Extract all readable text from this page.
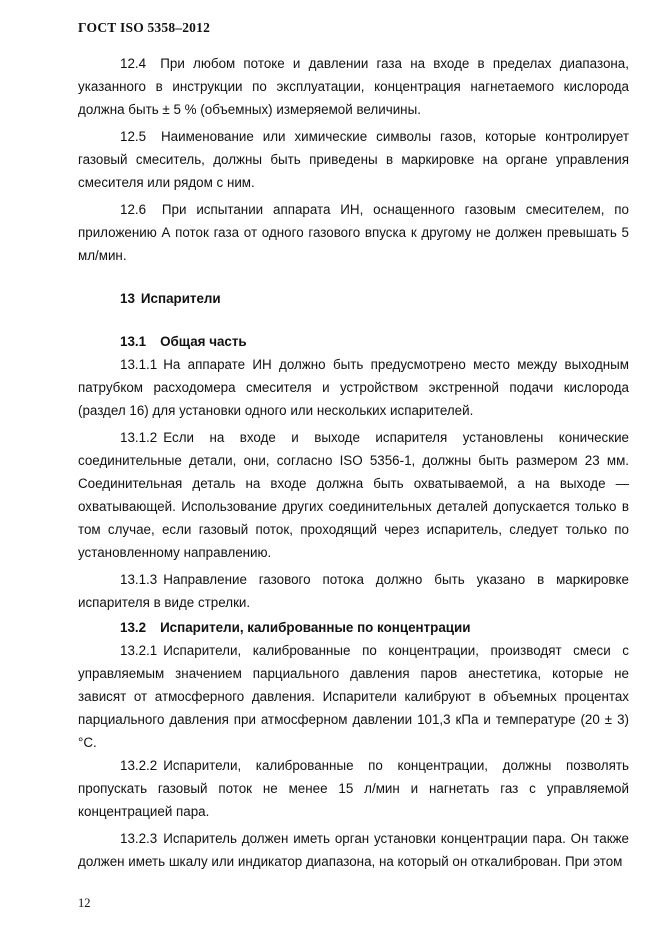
ГОСТ ISO 5358–2012

12.4 При любом потоке и давлении газа на входе в пределах диапазона, указанного в инструкции по эксплуатации, концентрация нагнетаемого кислорода должна быть ± 5 % (объемных) измеряемой величины.

12.5 Наименование или химические символы газов, которые контролирует газовый смеситель, должны быть приведены в маркировке на органе управления смесителя или рядом с ним.

12.6 При испытании аппарата ИН, оснащенного газовым смесителем, по приложению А поток газа от одного газового впуска к другому не должен превышать 5 мл/мин.

13 Испарители
13.1 Общая часть

13.1.1 На аппарате ИН должно быть предусмотрено место между выходным патрубком расходомера смесителя и устройством экстренной подачи кислорода (раздел 16) для установки одного или нескольких испарителей.

13.1.2 Если на входе и выходе испарителя установлены конические соединительные детали, они, согласно ISO 5356-1, должны быть размером 23 мм. Соединительная деталь на входе должна быть охватываемой, а на выходе — охватывающей. Использование других соединительных деталей допускается только в том случае, если газовый поток, проходящий через испаритель, следует только по установленному направлению.

13.1.3 Направление газового потока должно быть указано в маркировке испарителя в виде стрелки.

13.2 Испарители, калиброванные по концентрации

13.2.1 Испарители, калиброванные по концентрации, производят смеси с управляемым значением парциального давления паров анестетика, которые не зависят от атмосферного давления. Испарители калибруют в объемных процентах парциального давления при атмосферном давлении 101,3 кПа и температуре (20 ± 3) °С.

13.2.2 Испарители, калиброванные по концентрации, должны позволять пропускать газовый поток не менее 15 л/мин и нагнетать газ с управляемой концентрацией пара.

13.2.3 Испаритель должен иметь орган установки концентрации пара. Он также должен иметь шкалу или индикатор диапазона, на который он откалиброван. При этом

12
